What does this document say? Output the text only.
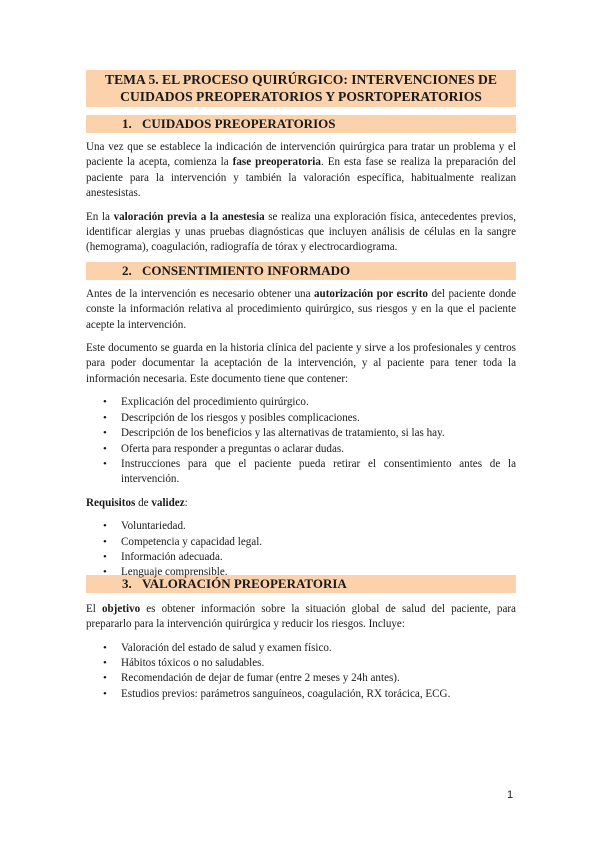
TEMA 5. EL PROCESO QUIRÚRGICO: INTERVENCIONES DE
CUIDADOS PREOPERATORIOS Y POSRTOPERATORIOS
1. CUIDADOS PREOPERATORIOS

Una vez que se establece la indicación de intervención quirúrgica para tratar un problema y el paciente la acepta, comienza la fase preoperatoria. En esta fase se realiza la preparación del paciente para la intervención y también la valoración específica, habitualmente realizan anestesistas.

En la valoración previa a la anestesia se realiza una exploración física, antecedentes previos, identificar alergias y unas pruebas diagnósticas que incluyen análisis de células en la sangre (hemograma), coagulación, radiografía de tórax y electrocardiograma.

2. CONSENTIMIENTO INFORMADO

Antes de la intervención es necesario obtener una autorización por escrito del paciente donde conste la información relativa al procedimiento quirúrgico, sus riesgos y en la que el paciente acepte la intervención.

Este documento se guarda en la historia clínica del paciente y sirve a los profesionales y centros para poder documentar la aceptación de la intervención, y al paciente para tener toda la información necesaria. Este documento tiene que contener:

• Explicación del procedimiento quirúrgico.
• Descripción de los riesgos y posibles complicaciones.
• Descripción de los beneficios y las alternativas de tratamiento, si las hay.
• Oferta para responder a preguntas o aclarar dudas.
• Instrucciones para que el paciente pueda retirar el consentimiento antes de la intervención.

Requisitos de validez:

• Voluntariedad.
• Competencia y capacidad legal.
• Información adecuada.
• Lenguaje comprensible.
3. VALORACIÓN PREOPERATORIA

El objetivo es obtener información sobre la situación global de salud del paciente, para prepararlo para la intervención quirúrgica y reducir los riesgos. Incluye:

• Valoración del estado de salud y examen físico.
• Hábitos tóxicos o no saludables.
• Recomendación de dejar de fumar (entre 2 meses y 24h antes).
• Estudios previos: parámetros sanguíneos, coagulación, RX torácica, ECG.
1
